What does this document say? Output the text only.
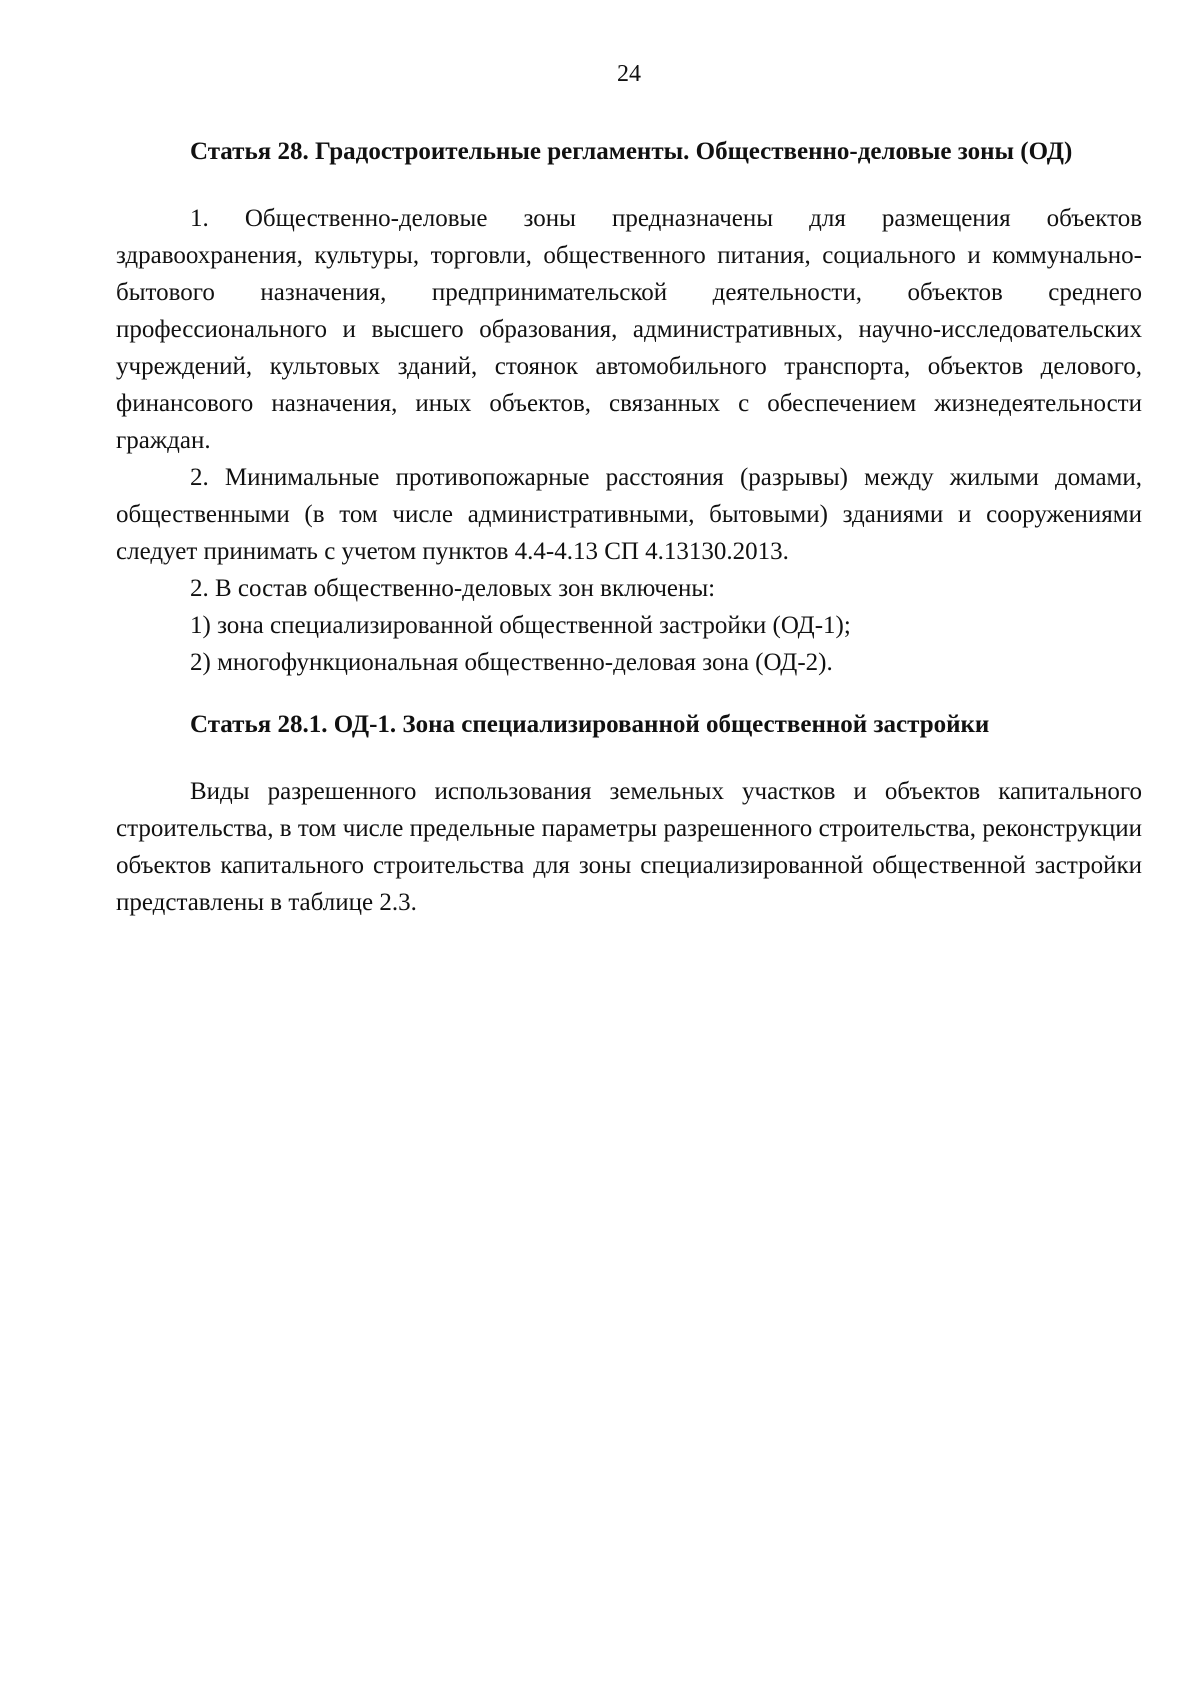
24

Статья 28. Градостроительные регламенты. Общественно-деловые зоны (ОД)

1. Общественно-деловые зоны предназначены для размещения объектов здравоохранения, культуры, торговли, общественного питания, социального и коммунально-бытового назначения, предпринимательской деятельности, объектов среднего профессионального и высшего образования, административных, научно-исследовательских учреждений, культовых зданий, стоянок автомобильного транспорта, объектов делового, финансового назначения, иных объектов, связанных с обеспечением жизнедеятельности граждан.

2. Минимальные противопожарные расстояния (разрывы) между жилыми домами, общественными (в том числе административными, бытовыми) зданиями и сооружениями следует принимать с учетом пунктов 4.4-4.13 СП 4.13130.2013.

2. В состав общественно-деловых зон включены:

1) зона специализированной общественной застройки (ОД-1);

2) многофункциональная общественно-деловая зона (ОД-2).

Статья 28.1. ОД-1. Зона специализированной общественной застройки

Виды разрешенного использования земельных участков и объектов капитального строительства, в том числе предельные параметры разрешенного строительства, реконструкции объектов капитального строительства для зоны специализированной общественной застройки представлены в таблице 2.3.
